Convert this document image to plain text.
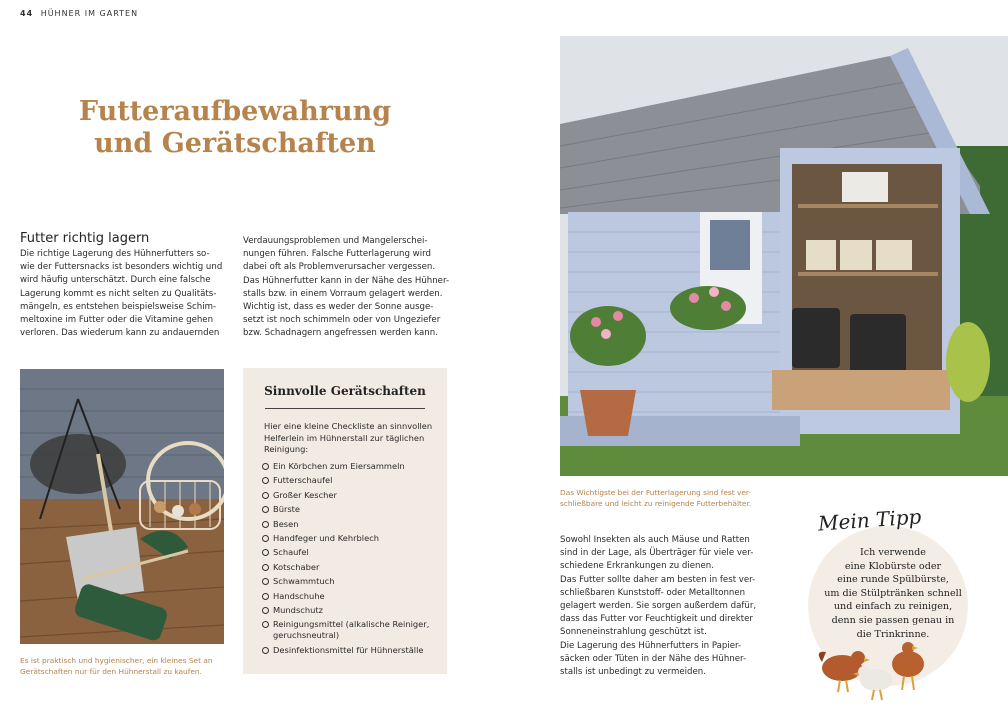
44 HÜHNER IM GARTEN
Futteraufbewahrung
und Gerätschaften
Futter richtig lagern
Die richtige Lagerung des Hühnerfutters so-
wie der Futtersnacks ist besonders wichtig und
wird häufig unterschätzt. Durch eine falsche
Lagerung kommt es nicht selten zu Qualitäts-
mängeln, es entstehen beispielsweise Schim-
meltoxine im Futter oder die Vitamine gehen
verloren. Das wiederum kann zu andauernden
Verdauungsproblemen und Mangelerschei-
nungen führen. Falsche Futterlagerung wird
dabei oft als Problemverursacher vergessen.
Das Hühnerfutter kann in der Nähe des Hühner-
stalls bzw. in einem Vorraum gelagert werden.
Wichtig ist, dass es weder der Sonne ausge-
setzt ist noch schimmeln oder von Ungeziefer
bzw. Schadnagern angefressen werden kann.
Es ist praktisch und hygienischer, ein kleines Set an
Gerätschaften nur für den Hühnerstall zu kaufen.
Sinnvolle Gerätschaften
Hier eine kleine Checkliste an sinnvollen
Helferlein im Hühnerstall zur täglichen
Reinigung:
Ein Körbchen zum Eiersammeln
Futterschaufel
Großer Kescher
Bürste
Besen
Handfeger und Kehrblech
Schaufel
Kotschaber
Schwammtuch
Handschuhe
Mundschutz
Reinigungsmittel (alkalische Reiniger,
geruchsneutral)
Desinfektionsmittel für Hühnerställe
Das Wichtigste bei der Futterlagerung sind fest ver-
schließbare und leicht zu reinigende Futterbehälter.
Sowohl Insekten als auch Mäuse und Ratten
sind in der Lage, als Überträger für viele ver-
schiedene Erkrankungen zu dienen.
Das Futter sollte daher am besten in fest ver-
schließbaren Kunststoff- oder Metalltonnen
gelagert werden. Sie sorgen außerdem dafür,
dass das Futter vor Feuchtigkeit und direkter
Sonneneinstrahlung geschützt ist.
Die Lagerung des Hühnerfutters in Papier-
säcken oder Tüten in der Nähe des Hühner-
stalls ist unbedingt zu vermeiden.
Mein Tipp
Ich verwende
eine Klobürste oder
eine runde Spülbürste,
um die Stülptränken schnell
und einfach zu reinigen,
denn sie passen genau in
die Trinkrinne.
